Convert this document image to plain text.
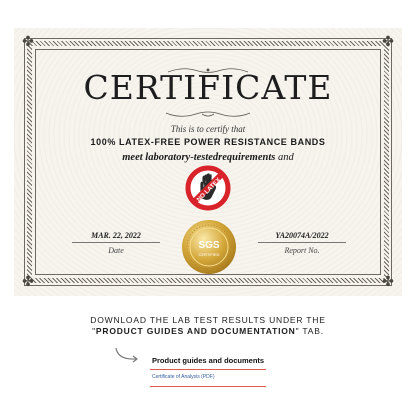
✤	✤
✤	✤
CERTIFICATE
This is to certify that
100% LATEX-FREE POWER RESISTANCE BANDS
meet laboratory-testedrequirements and
NO LATEX
MAR. 22, 2022
Date
YA20074A/2022
Report No.
SGS
CERTIFIED
DOWNLOAD THE LAB TEST RESULTS UNDER THE
"PRODUCT GUIDES AND DOCUMENTATION" TAB.
Product guides and documents
Certificate of Analysis (PDF)
